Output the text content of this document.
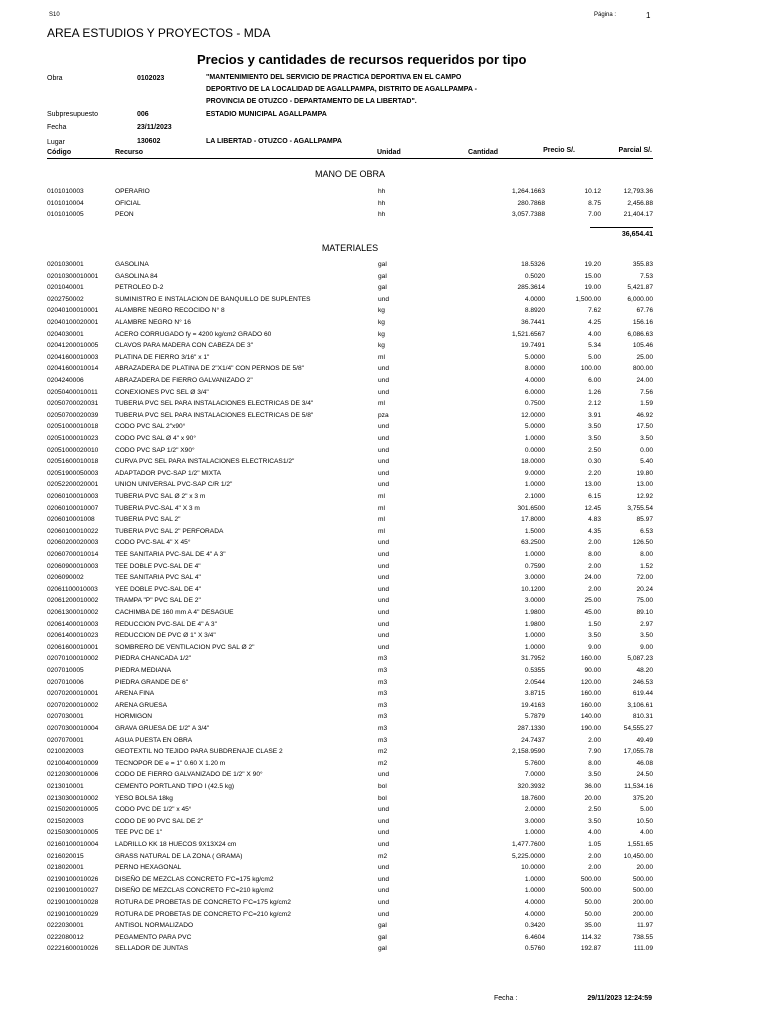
S10	Página :	1
AREA ESTUDIOS Y PROYECTOS - MDA
Precios y cantidades de recursos requeridos por tipo
Obra	0102023	"MANTENIMIENTO DEL SERVICIO DE PRACTICA DEPORTIVA EN EL CAMPO
DEPORTIVO DE LA LOCALIDAD DE AGALLPAMPA, DISTRITO DE AGALLPAMPA -
PROVINCIA DE OTUZCO - DEPARTAMENTO DE LA LIBERTAD".
Subpresupuesto	006	ESTADIO MUNICIPAL AGALLPAMPA
Fecha	23/11/2023
Lugar	130602	LA LIBERTAD - OTUZCO - AGALLPAMPA
Código	Recurso	Unidad	Cantidad	Precio S/.	Parcial S/.
MANO DE OBRA
0101010003	OPERARIO	hh	1,264.1663	10.12	12,793.36
0101010004	OFICIAL	hh	280.7868	8.75	2,456.88
0101010005	PEON	hh	3,057.7388	7.00	21,404.17
36,654.41
MATERIALES
0201030001	GASOLINA	gal	18.5326	19.20	355.83
02010300010001	GASOLINA 84	gal	0.5020	15.00	7.53
0201040001	PETROLEO D-2	gal	285.3614	19.00	5,421.87
0202750002	SUMINISTRO E INSTALACION DE BANQUILLO DE SUPLENTES	und	4.0000	1,500.00	6,000.00
02040100010001	ALAMBRE NEGRO RECOCIDO N° 8	kg	8.8920	7.62	67.76
02040100020001	ALAMBRE NEGRO N° 16	kg	36.7441	4.25	156.16
0204030001	ACERO CORRUGADO fy = 4200 kg/cm2 GRADO 60	kg	1,521.6567	4.00	6,086.63
02041200010005	CLAVOS PARA MADERA CON CABEZA DE 3"	kg	19.7491	5.34	105.46
02041600010003	PLATINA DE FIERRO 3/16" x 1"	ml	5.0000	5.00	25.00
02041600010014	ABRAZADERA DE PLATINA DE 2"X1/4" CON PERNOS DE 5/8"	und	8.0000	100.00	800.00
0204240006	ABRAZADERA DE FIERRO GALVANIZADO 2"	und	4.0000	6.00	24.00
02050400010011	CONEXIONES PVC SEL Ø 3/4"	und	6.0000	1.26	7.56
02050700020031	TUBERIA PVC SEL PARA INSTALACIONES ELECTRICAS DE 3/4"	ml	0.7500	2.12	1.59
02050700020039	TUBERIA PVC SEL PARA INSTALACIONES ELECTRICAS DE 5/8"	pza	12.0000	3.91	46.92
02051000010018	CODO PVC SAL 2"x90°	und	5.0000	3.50	17.50
02051000010023	CODO PVC SAL Ø 4" x 90°	und	1.0000	3.50	3.50
02051000020010	CODO PVC SAP 1/2" X90°	und	0.0000	2.50	0.00
02051600010018	CURVA PVC SEL PARA INSTALACIONES ELECTRICAS1/2"	und	18.0000	0.30	5.40
02051900050003	ADAPTADOR PVC-SAP 1/2" MIXTA	und	9.0000	2.20	19.80
02052200020001	UNION UNIVERSAL PVC-SAP C/R 1/2"	und	1.0000	13.00	13.00
02060100010003	TUBERIA PVC SAL Ø 2" x 3 m	ml	2.1000	6.15	12.92
02060100010007	TUBERIA PVC-SAL 4" X 3 m	ml	301.6500	12.45	3,755.54
0206010001008	TUBERIA PVC SAL 2"	ml	17.8000	4.83	85.97
02060100010022	TUBERIA PVC SAL 2" PERFORADA	ml	1.5000	4.35	6.53
02060200020003	CODO PVC-SAL 4" X 45°	und	63.2500	2.00	126.50
02060700010014	TEE SANITARIA PVC-SAL DE 4" A 3"	und	1.0000	8.00	8.00
02060900010003	TEE DOBLE PVC-SAL DE 4"	und	0.7590	2.00	1.52
0206090002	TEE SANITARIA PVC SAL 4"	und	3.0000	24.00	72.00
02061100010003	YEE DOBLE PVC-SAL DE 4"	und	10.1200	2.00	20.24
02061200010002	TRAMPA "P" PVC SAL DE 2"	und	3.0000	25.00	75.00
02061300010002	CACHIMBA DE 160 mm A 4" DESAGUE	und	1.9800	45.00	89.10
02061400010003	REDUCCION PVC-SAL DE 4" A 3"	und	1.9800	1.50	2.97
02061400010023	REDUCCION DE PVC Ø 1" X 3/4"	und	1.0000	3.50	3.50
02061600010001	SOMBRERO DE VENTILACION PVC SAL Ø 2"	und	1.0000	9.00	9.00
02070100010002	PIEDRA CHANCADA 1/2"	m3	31.7952	160.00	5,087.23
0207010005	PIEDRA MEDIANA	m3	0.5355	90.00	48.20
0207010006	PIEDRA GRANDE DE 6"	m3	2.0544	120.00	246.53
02070200010001	ARENA FINA	m3	3.8715	160.00	619.44
02070200010002	ARENA GRUESA	m3	19.4163	160.00	3,106.61
0207030001	HORMIGON	m3	5.7879	140.00	810.31
02070300010004	GRAVA GRUESA DE 1/2" A 3/4"	m3	287.1330	190.00	54,555.27
0207070001	AGUA PUESTA EN OBRA	m3	24.7437	2.00	49.49
0210020003	GEOTEXTIL NO TEJIDO PARA SUBDRENAJE CLASE 2	m2	2,158.9590	7.90	17,055.78
02100400010009	TECNOPOR DE e = 1" 0.60 X 1.20 m	m2	5.7600	8.00	46.08
02120300010006	CODO DE FIERRO GALVANIZADO DE 1/2" X 90°	und	7.0000	3.50	24.50
0213010001	CEMENTO PORTLAND TIPO I (42.5 kg)	bol	320.3932	36.00	11,534.16
02130300010002	YESO BOLSA 18kg	bol	18.7600	20.00	375.20
02150200010005	CODO PVC DE 1/2" x 45°	und	2.0000	2.50	5.00
0215020003	CODO DE 90 PVC SAL DE 2"	und	3.0000	3.50	10.50
02150300010005	TEE PVC DE 1"	und	1.0000	4.00	4.00
02160100010004	LADRILLO KK 18 HUECOS 9X13X24 cm	und	1,477.7600	1.05	1,551.65
0216020015	GRASS NATURAL DE LA ZONA ( GRAMA)	m2	5,225.0000	2.00	10,450.00
0218020001	PERNO HEXAGONAL	und	10.0000	2.00	20.00
02190100010026	DISEÑO DE MEZCLAS CONCRETO F'C=175 kg/cm2	und	1.0000	500.00	500.00
02190100010027	DISEÑO DE MEZCLAS CONCRETO F'C=210 kg/cm2	und	1.0000	500.00	500.00
02190100010028	ROTURA DE PROBETAS DE CONCRETO F'C=175 kg/cm2	und	4.0000	50.00	200.00
02190100010029	ROTURA DE PROBETAS DE CONCRETO F'C=210 kg/cm2	und	4.0000	50.00	200.00
0222030001	ANTISOL NORMALIZADO	gal	0.3420	35.00	11.97
0222080012	PEGAMENTO PARA PVC	gal	6.4604	114.32	738.55
02221600010026	SELLADOR DE JUNTAS	gal	0.5760	192.87	111.09
Fecha :	29/11/2023 12:24:59
